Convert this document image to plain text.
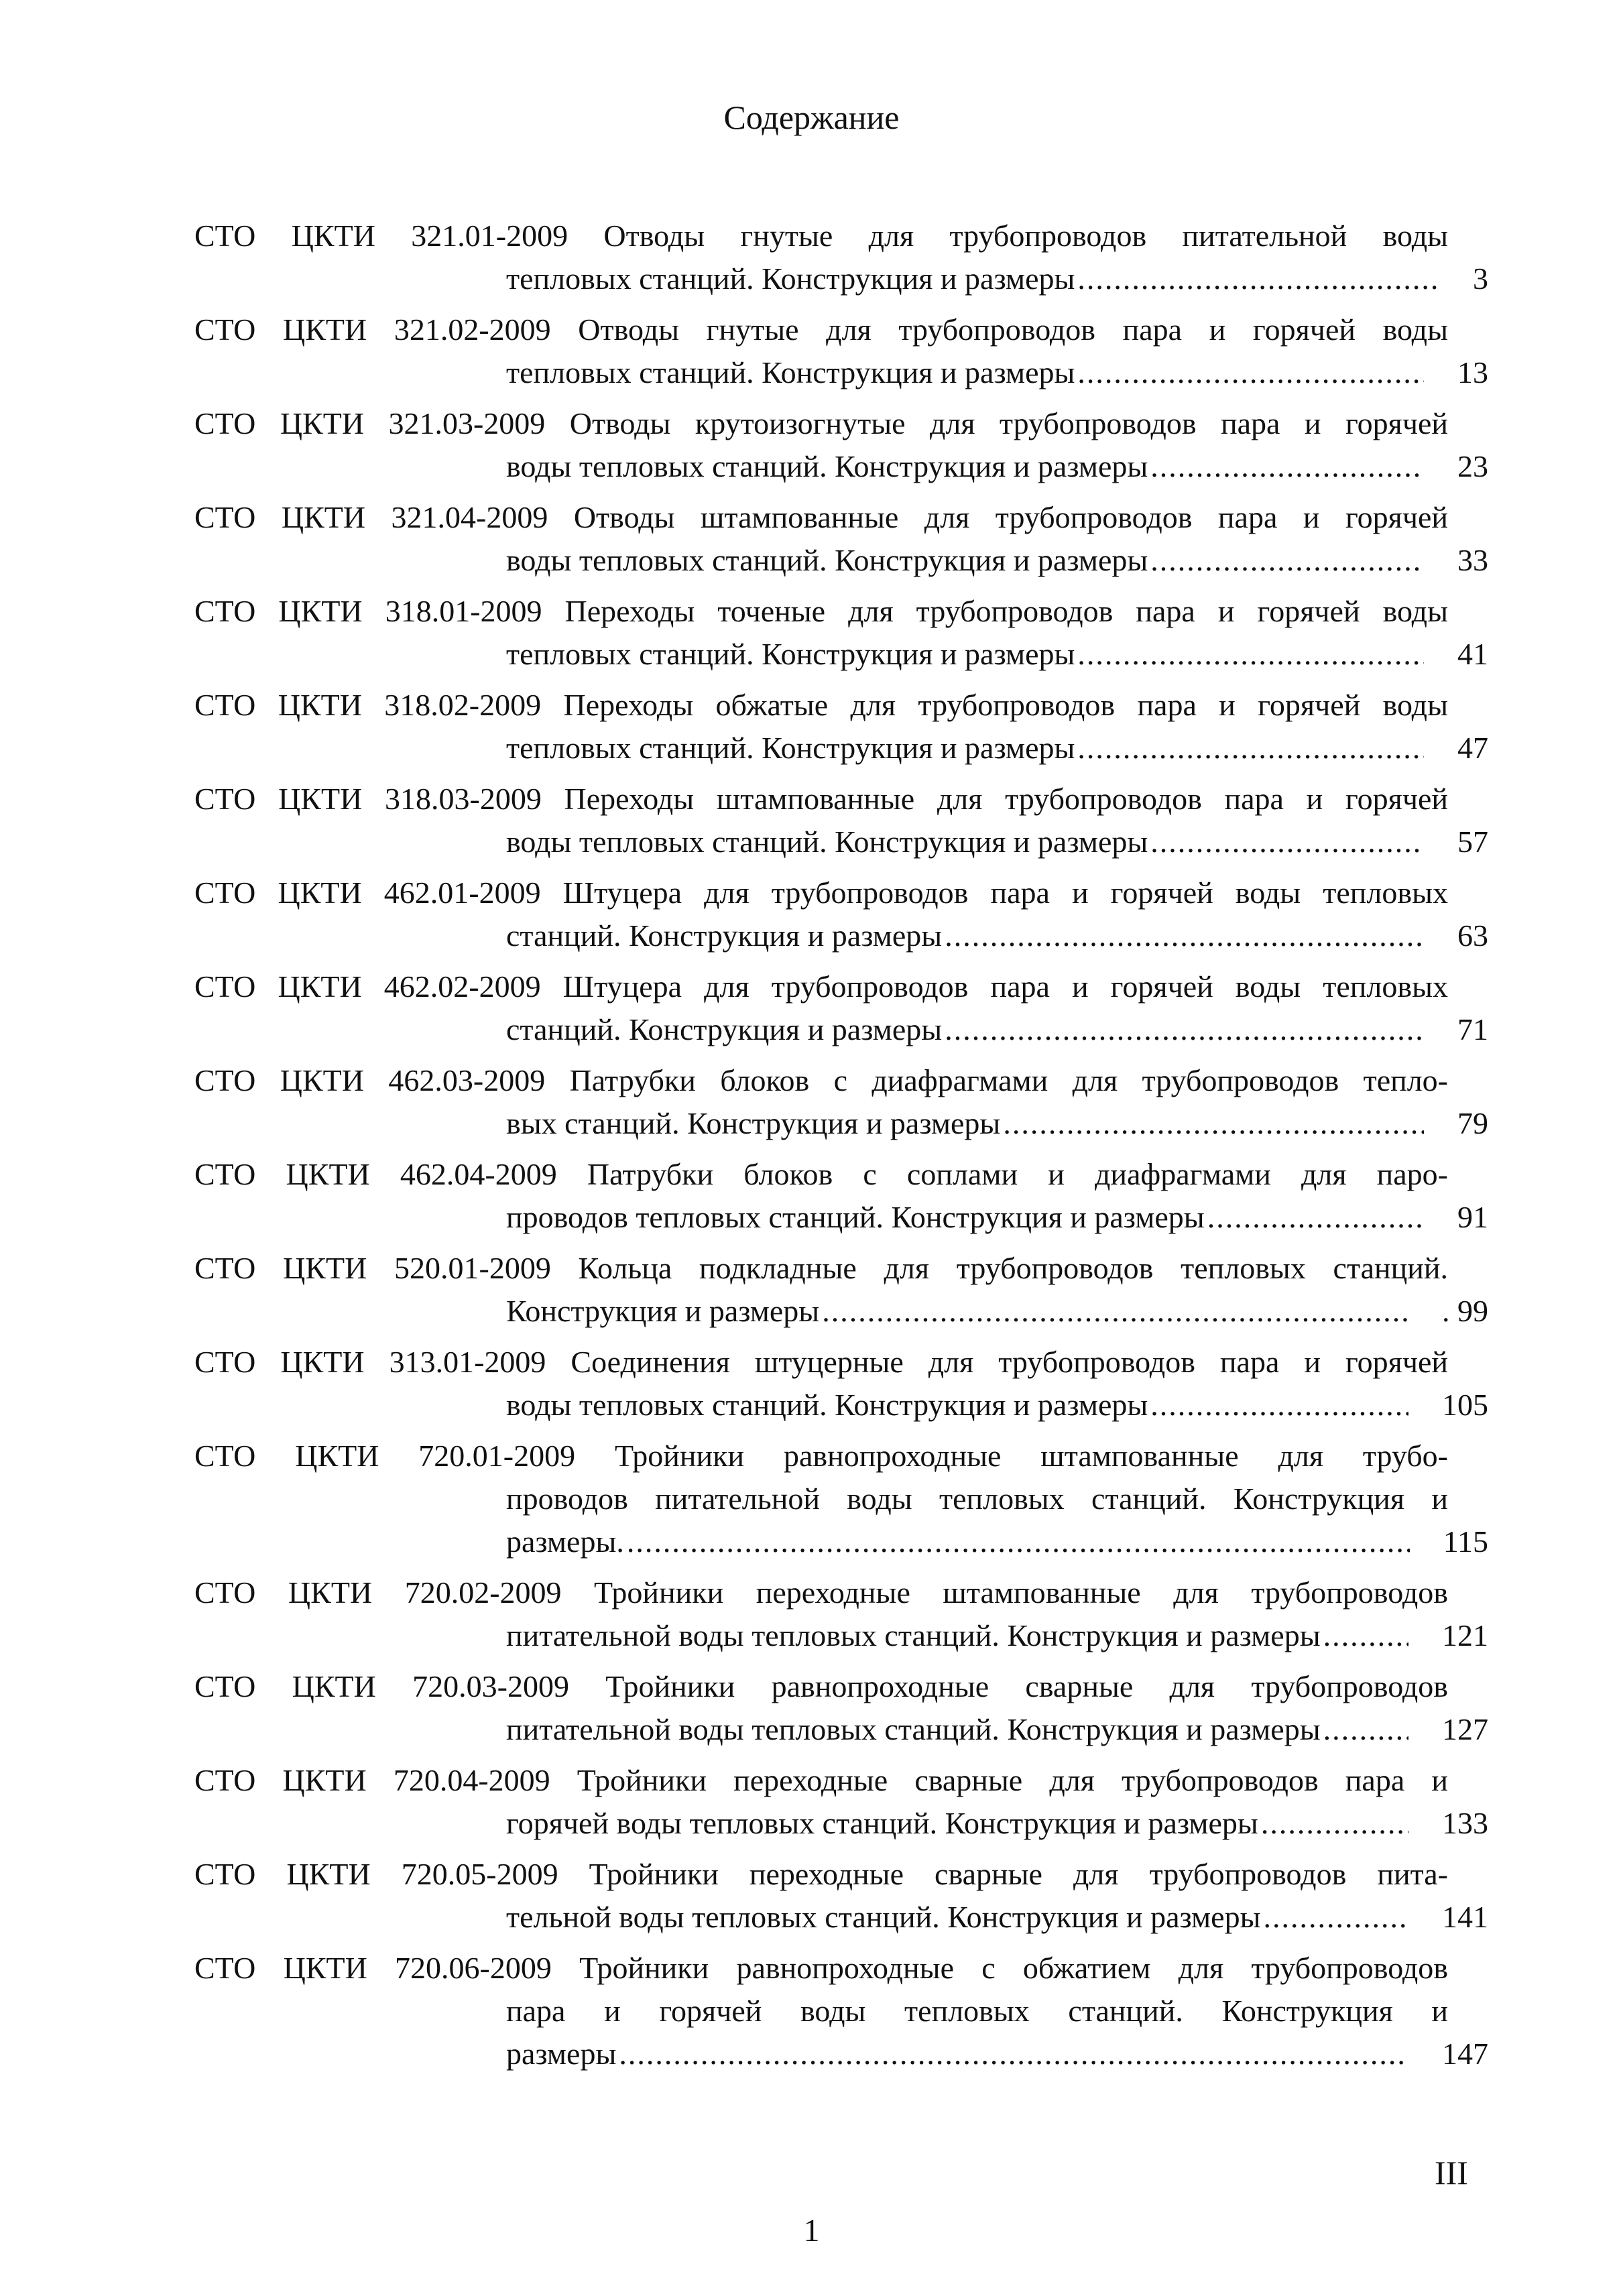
Содержание
СТО ЦКТИ 321.01-2009 Отводы гнутые для трубопроводов питательной воды
тепловых станций. Конструкция и размеры .....	3
СТО ЦКТИ 321.02-2009 Отводы гнутые для трубопроводов пара и горячей воды
тепловых станций. Конструкция и размеры .....	13
СТО ЦКТИ 321.03-2009 Отводы крутоизогнутые для трубопроводов пара и горячей
воды тепловых станций. Конструкция и размеры .....	23
СТО ЦКТИ 321.04-2009 Отводы штампованные для трубопроводов пара и горячей
воды тепловых станций. Конструкция и размеры .....	33
СТО ЦКТИ 318.01-2009 Переходы точеные для трубопроводов пара и горячей воды
тепловых станций. Конструкция и размеры .....	41
СТО ЦКТИ 318.02-2009 Переходы обжатые для трубопроводов пара и горячей воды
тепловых станций. Конструкция и размеры .....	47
СТО ЦКТИ 318.03-2009 Переходы штампованные для трубопроводов пара и горячей
воды тепловых станций. Конструкция и размеры .....	57
СТО ЦКТИ 462.01-2009 Штуцера для трубопроводов пара и горячей воды тепловых
станций. Конструкция и размеры .....	63
СТО ЦКТИ 462.02-2009 Штуцера для трубопроводов пара и горячей воды тепловых
станций. Конструкция и размеры .....	71
СТО ЦКТИ 462.03-2009 Патрубки блоков с диафрагмами для трубопроводов тепло-
вых станций. Конструкция и размеры .....	79
СТО ЦКТИ 462.04-2009 Патрубки блоков с соплами и диафрагмами для паро-
проводов тепловых станций. Конструкция и размеры .....	91
СТО ЦКТИ 520.01-2009 Кольца подкладные для трубопроводов тепловых станций.
Конструкция и размеры .....	. 99
СТО ЦКТИ 313.01-2009 Соединения штуцерные для трубопроводов пара и горячей
воды тепловых станций. Конструкция и размеры .....	105
СТО ЦКТИ 720.01-2009 Тройники равнопроходные штампованные для трубо-
проводов питательной воды тепловых станций. Конструкция и
размеры. .....	115
СТО ЦКТИ 720.02-2009 Тройники переходные штампованные для трубопроводов
питательной воды тепловых станций. Конструкция и размеры .....	121
СТО ЦКТИ 720.03-2009 Тройники равнопроходные сварные для трубопроводов
питательной воды тепловых станций. Конструкция и размеры .....	127
СТО ЦКТИ 720.04-2009 Тройники переходные сварные для трубопроводов пара и
горячей воды тепловых станций. Конструкция и размеры .....	133
СТО ЦКТИ 720.05-2009 Тройники переходные сварные для трубопроводов пита-
тельной воды тепловых станций. Конструкция и размеры .....	141
СТО ЦКТИ 720.06-2009 Тройники равнопроходные с обжатием для трубопроводов
пара и горячей воды тепловых станций. Конструкция и
размеры .....	147
III
1
